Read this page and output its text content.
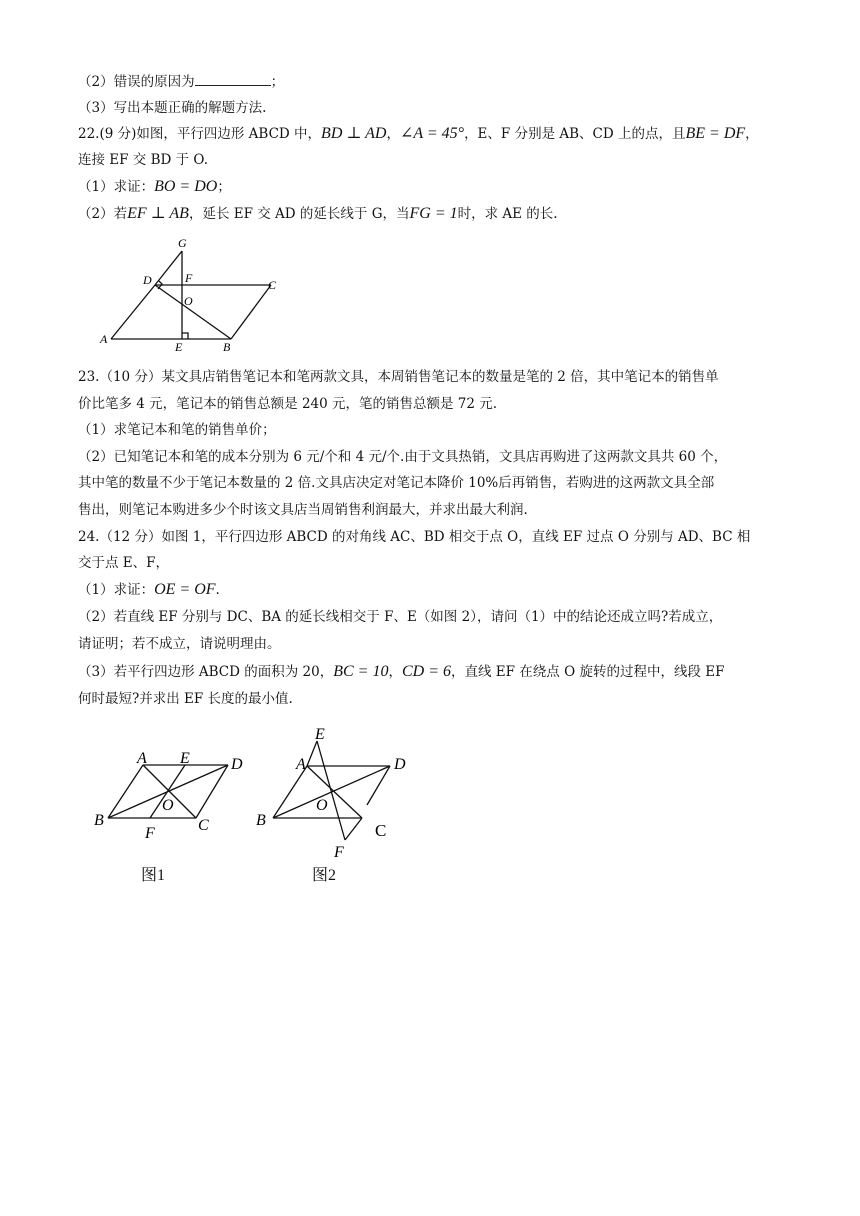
（2）错误的原因为	；
（3）写出本题正确的解题方法.
22.(9 分)如图，平行四边形 ABCD 中，BD ⊥ AD，∠A = 45°，E、F 分别是 AB、CD 上的点，且BE = DF，
连接 EF 交 BD 于 O.
（1）求证：BO = DO；
（2）若EF ⊥ AB，延长 EF 交 AD 的延长线于 G，当FG = 1时，求 AE 的长.
G
D	F	C
O
A
E	B
23.（10 分）某文具店销售笔记本和笔两款文具，本周销售笔记本的数量是笔的 2 倍，其中笔记本的销售单
价比笔多 4 元，笔记本的销售总额是 240 元，笔的销售总额是 72 元.
（1）求笔记本和笔的销售单价；
（2）已知笔记本和笔的成本分别为 6 元/个和 4 元/个.由于文具热销，文具店再购进了这两款文具共 60 个，
其中笔的数量不少于笔记本数量的 2 倍.文具店决定对笔记本降价 10%后再销售，若购进的这两款文具全部
售出，则笔记本购进多少个时该文具店当周销售利润最大，并求出最大利润.
24.（12 分）如图 1，平行四边形 ABCD 的对角线 AC、BD 相交于点 O，直线 EF 过点 O 分别与 AD、BC 相
交于点 E、F，
（1）求证：OE = OF.
（2）若直线 EF 分别与 DC、BA 的延长线相交于 F、E（如图 2），请问（1）中的结论还成立吗?若成立，
请证明；若不成立，请说明理由。
（3）若平行四边形 ABCD 的面积为 20，BC = 10，CD = 6，直线 EF 在绕点 O 旋转的过程中，线段 EF
何时最短?并求出 EF 长度的最小值.
A E	D
B
O
F	C
图1
E
A	D
B
O
C
F
图2
